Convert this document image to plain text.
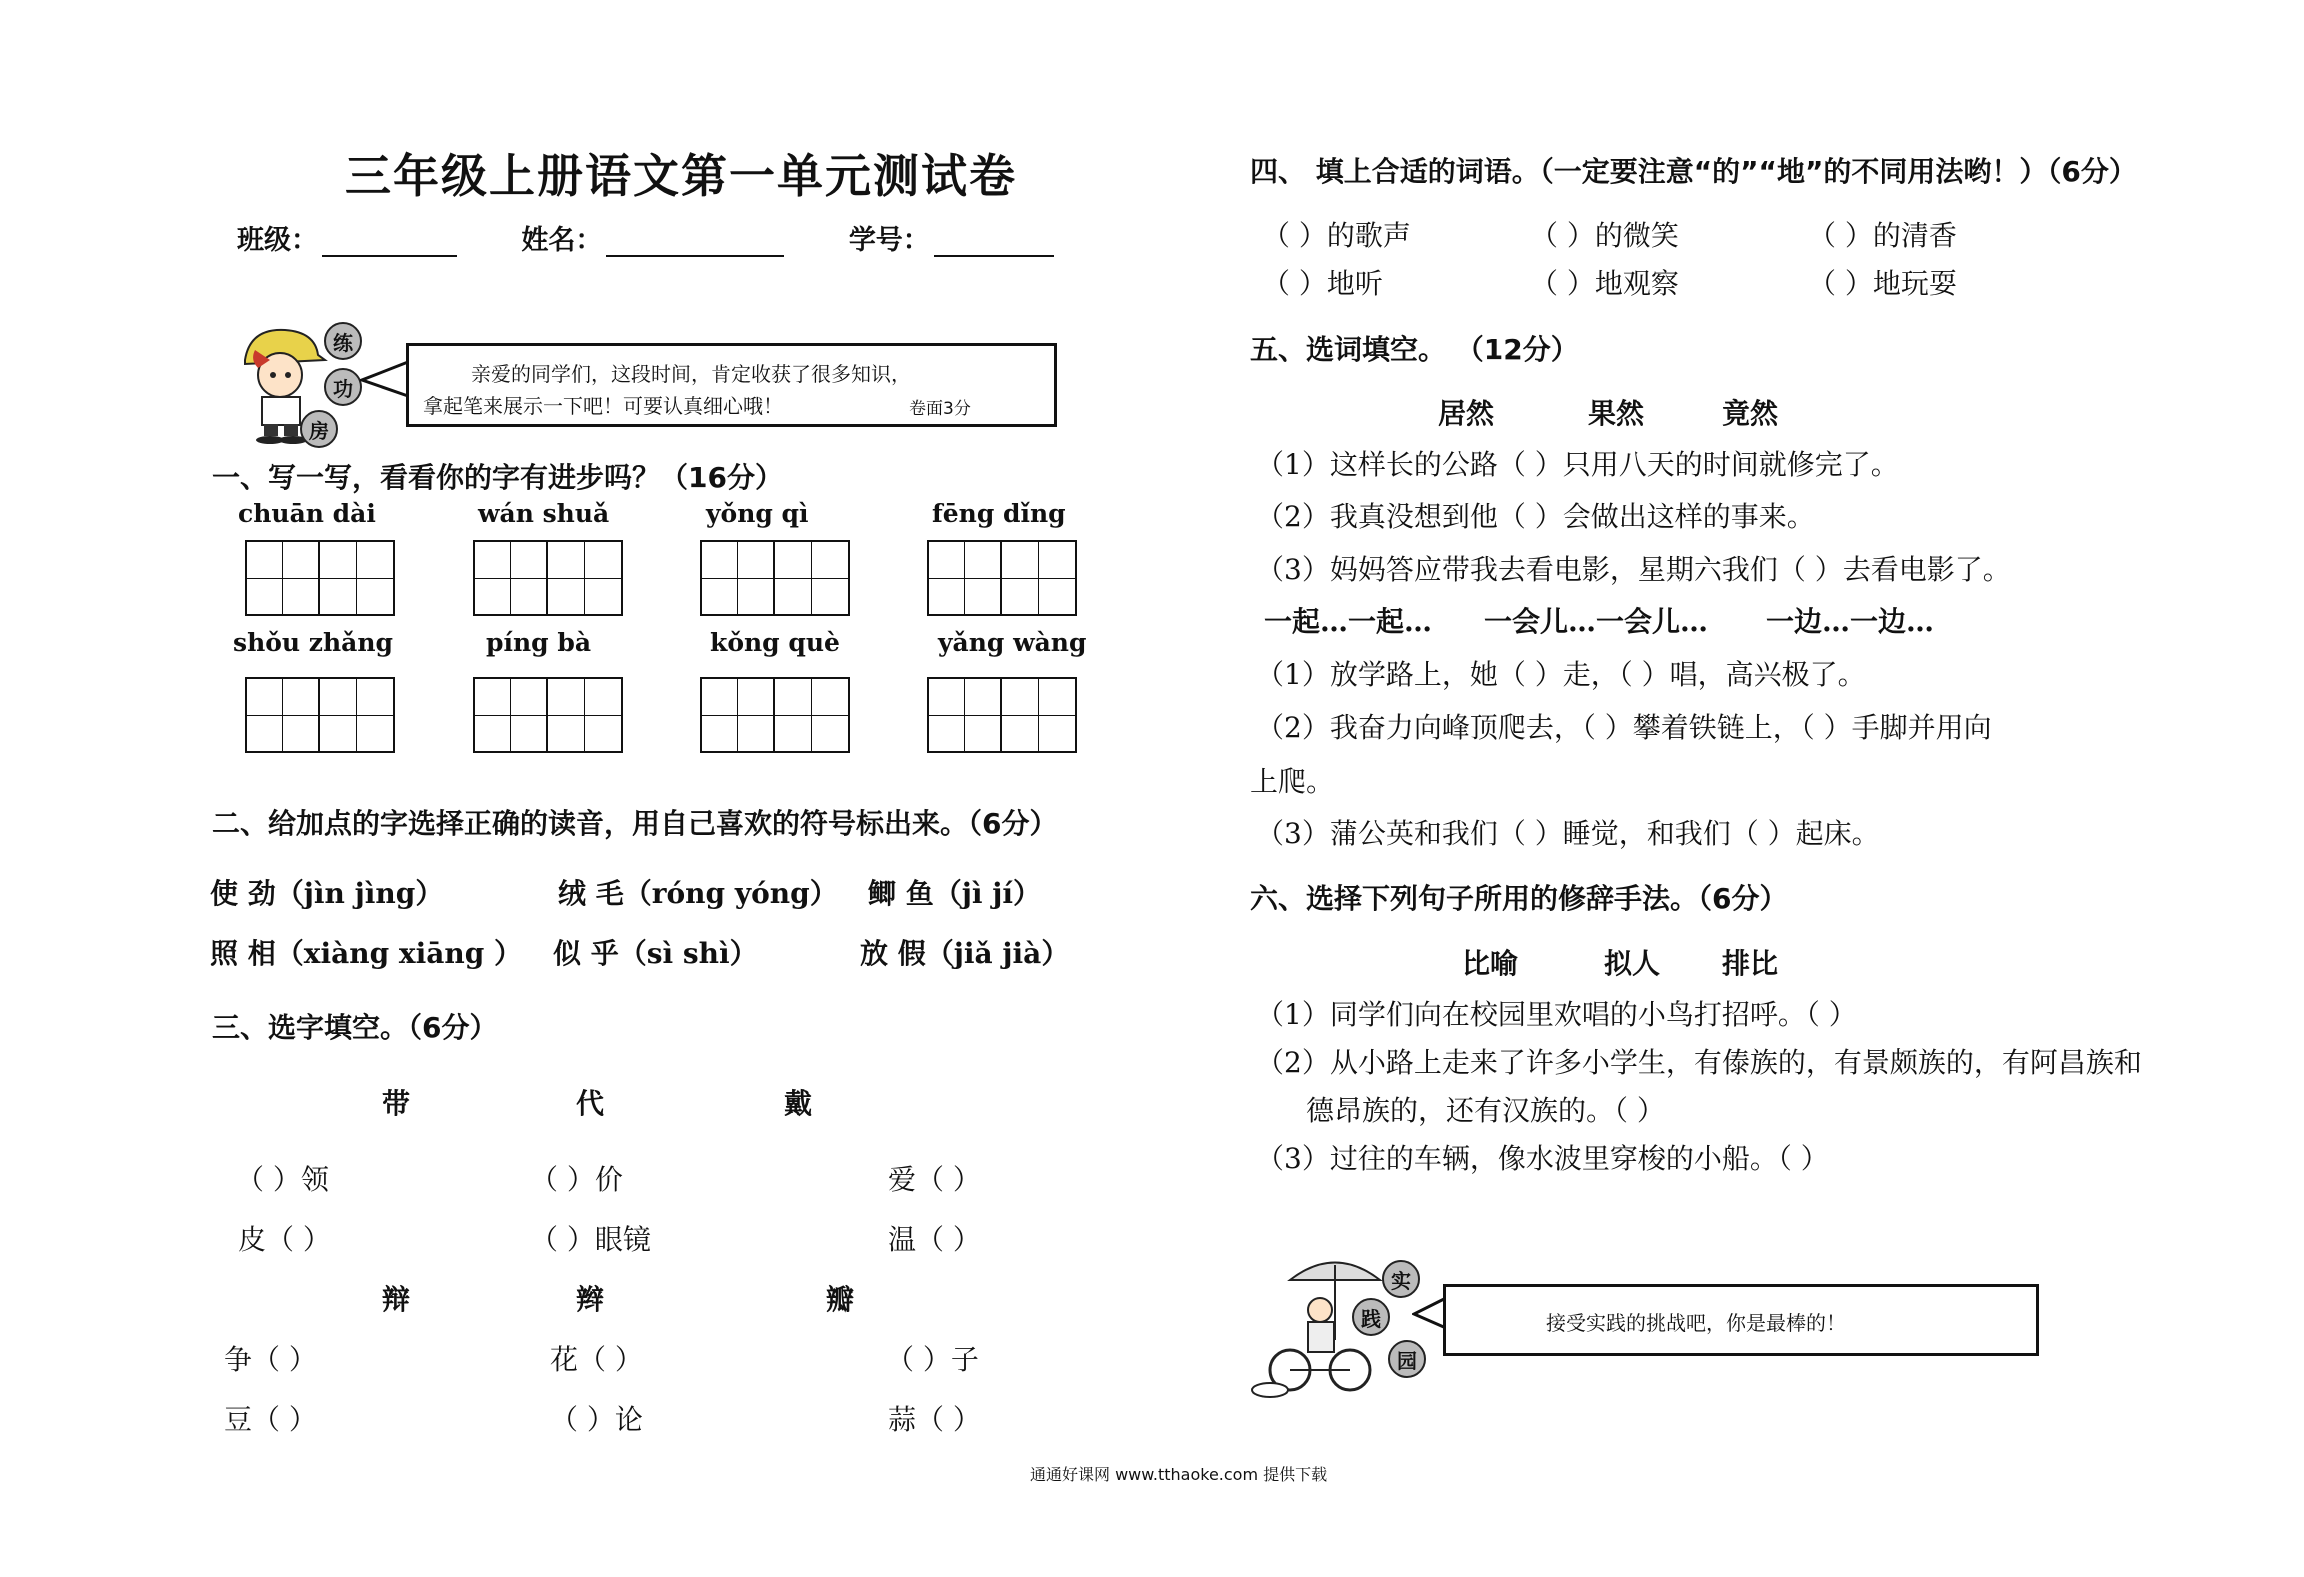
三年级上册语文第一单元测试卷
班级：	姓名：	学号：
练
功
房
亲爱的同学们，这段时间，肯定收获了很多知识，
拿起笔来展示一下吧！可要认真细心哦！	卷面3分
一、写一写，看看你的字有进步吗？（16分）
chuān dài	wán shuǎ	yǒng qì	fēng dǐng
shǒu zhǎng	píng bà	kǒng què	yǎng wàng
二、给加点的字选择正确的读音，用自己喜欢的符号标出来。（6分）
使 劲（jìn jìng）	绒 毛（róng yóng） 鲫 鱼（jì jí）
照 相（xiàng xiāng ） 似 乎（sì shì）	放 假（jiǎ jià）
三、选字填空。（6分）
带	代	戴
（ ）领	（ ）价	爱（ ）
皮（ ）	（ ）眼镜	温（ ）
辩	辫	瓣
争（ ）	花（ ）	（ ）子
豆（ ）	（ ）论	蒜（ ）
四、 填上合适的词语。（一定要注意“的”“地”的不同用法哟！）（6分）
（ ）的歌声	（ ）的微笑	（ ）的清香
（ ）地听	（ ）地观察	（ ）地玩耍
五、选词填空。 （12分）
居然	果然	竟然
（1）这样长的公路（ ）只用八天的时间就修完了。
（2）我真没想到他（ ）会做出这样的事来。
（3）妈妈答应带我去看电影，星期六我们（ ）去看电影了。
一起…一起… 一会儿…一会儿… 一边…一边…
（1）放学路上，她（ ）走，（ ）唱，高兴极了。
（2）我奋力向峰顶爬去，（ ）攀着铁链上，（ ）手脚并用向
上爬。
（3）蒲公英和我们（ ）睡觉，和我们（ ）起床。
六、选择下列句子所用的修辞手法。（6分）
比喻	拟人 排比
（1）同学们向在校园里欢唱的小鸟打招呼。（ ）
（2）从小路上走来了许多小学生，有傣族的，有景颇族的，有阿昌族和
德昂族的，还有汉族的。（ ）
（3）过往的车辆，像水波里穿梭的小船。（ ）
实
践
园
接受实践的挑战吧，你是最棒的！
通通好课网 www.tthaoke.com 提供下载
